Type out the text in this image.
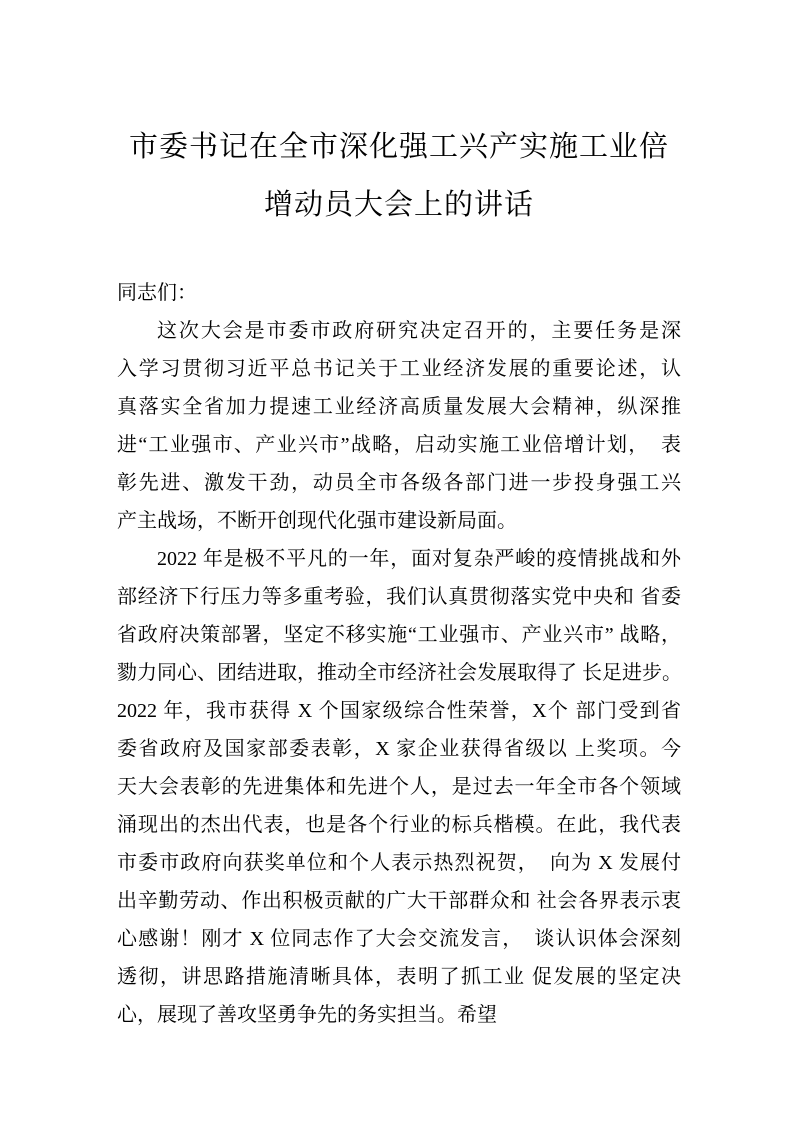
市委书记在全市深化强工兴产实施工业倍
增动员大会上的讲话

同志们：

这次大会是市委市政府研究决定召开的，主要任务是深
入学习贯彻习近平总书记关于工业经济发展的重要论述，认
真落实全省加力提速工业经济高质量发展大会精神，纵深推
进“工业强市、产业兴市”战略，启动实施工业倍增计划，　表
彰先进、激发干劲，动员全市各级各部门进一步投身强工兴
产主战场，不断开创现代化强市建设新局面。

2022 年是极不平凡的一年，面对复杂严峻的疫情挑战和外
部经济下行压力等多重考验，我们认真贯彻落实党中央和 省委
省政府决策部署，坚定不移实施“工业强市、产业兴市” 战略，
勠力同心、团结进取，推动全市经济社会发展取得了 长足进步。
2022 年，我市获得 X 个国家级综合性荣誉，X个 部门受到省
委省政府及国家部委表彰，X 家企业获得省级以 上奖项。今
天大会表彰的先进集体和先进个人，是过去一年全市各个领域
涌现出的杰出代表，也是各个行业的标兵楷模。在此，我代表
市委市政府向获奖单位和个人表示热烈祝贺，　向为 X 发展付
出辛勤劳动、作出积极贡献的广大干部群众和 社会各界表示衷
心感谢！刚才 X 位同志作了大会交流发言，　谈认识体会深刻
透彻，讲思路措施清晰具体，表明了抓工业 促发展的坚定决
心，展现了善攻坚勇争先的务实担当。希望
